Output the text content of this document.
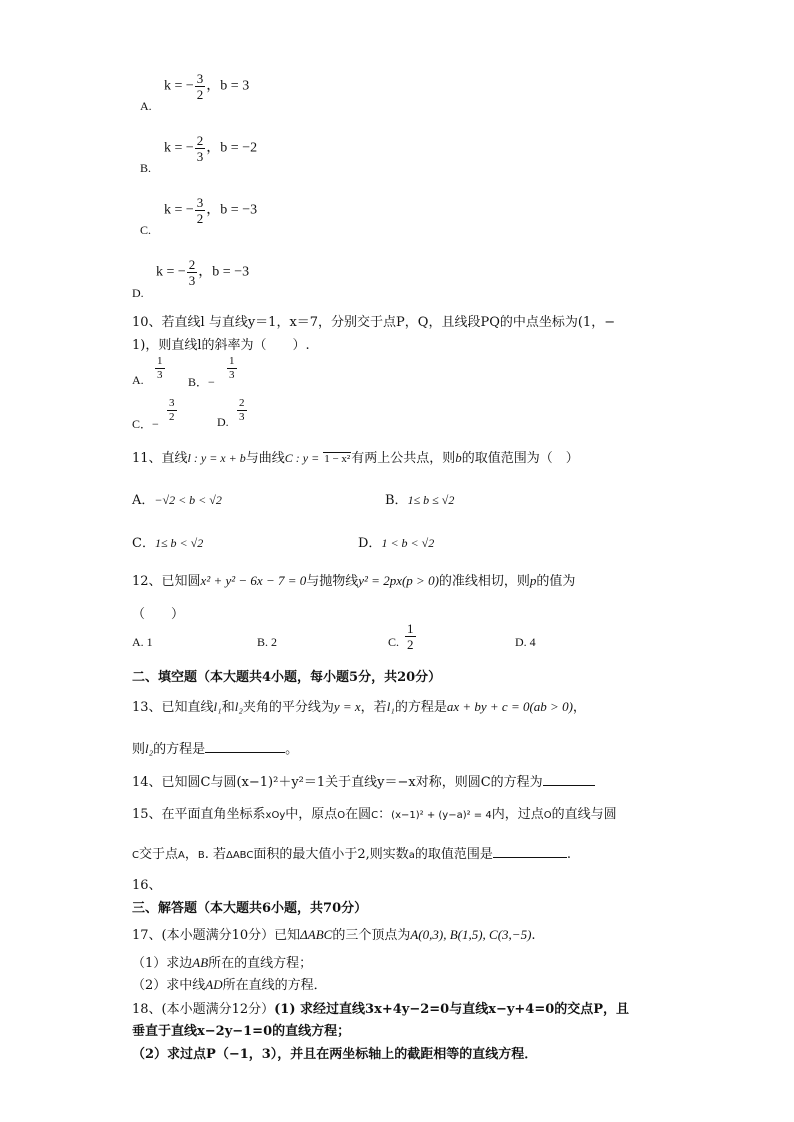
A.
k = − $\frac{3}{2}$ ，b = 3
B.
k = − $\frac{2}{3}$ ，b = −2
C.
k = − $\frac{3}{2}$ ，b = −3
D.
k = − $\frac{2}{3}$ ，b = −3
10、若直线l 与直线y＝1，x＝7，分别交于点P，Q，且线段PQ的中点坐标为(1，−
1)，则直线l的斜率为（　　）.
A. $\frac{1}{3}$
B．−
$\frac{1}{3}$
C．−
$\frac{3}{2}$	D. $\frac{2}{3}$
11、直线l : y = x + b与曲线C : y = 1 − x²有两上公共点，则b的取值范围为（　）
A．−√2 < b < √2	B．1≤ b ≤ √2
C．1≤ b < √2	D．1 < b < √2
12、已知圆x² + y² − 6x − 7 = 0与抛物线y² = 2px(p > 0)的准线相切，则p的值为
（　　）
A. 1	B. 2	C. $\frac{1}{2}$	D. 4
二、填空题（本大题共4小题，每小题5分，共20分）
13、已知直线l₁和l₂夹角的平分线为y = x，若l₁的方程是ax + by + c = 0(ab > 0)，
则l₂的方程是	。
14、已知圆C与圆(x−1)²＋y²＝1关于直线y＝−x对称，则圆C的方程为
15、在平面直角坐标系xOy中，原点O在圆C：(x−1)² + (y−a)² = 4内，过点O的直线与圆
C交于点A，B. 若ΔABC面积的最大值小于2,则实数a的取值范围是	.
16、
三、解答题（本大题共6小题，共70分）
17、(本小题满分10分）已知ΔABC的三个顶点为A(0,3), B(1,5), C(3,−5).
（1）求边AB所在的直线方程；
（2）求中线AD所在直线的方程．
18、(本小题满分12分）(1) 求经过直线3x+4y−2=0与直线x−y+4=0的交点P，且
垂直于直线x−2y−1=0的直线方程；
（2）求过点P（−1，3），并且在两坐标轴上的截距相等的直线方程．
